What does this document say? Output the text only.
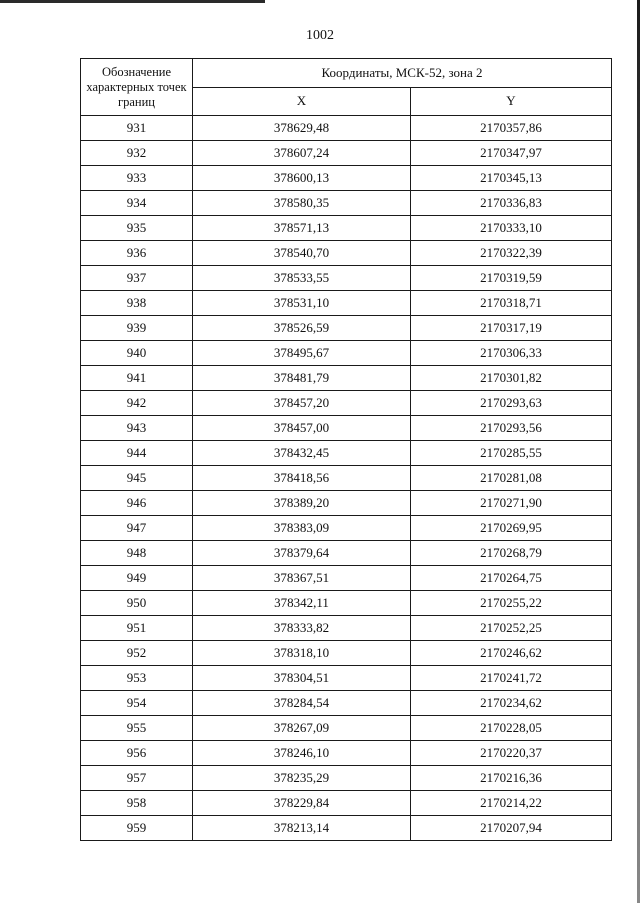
1002
Обозначение характерных точек границ	Координаты, МСК-52, зона 2	
	X	Y
931	378629,48	2170357,86
932	378607,24	2170347,97
933	378600,13	2170345,13
934	378580,35	2170336,83
935	378571,13	2170333,10
936	378540,70	2170322,39
937	378533,55	2170319,59
938	378531,10	2170318,71
939	378526,59	2170317,19
940	378495,67	2170306,33
941	378481,79	2170301,82
942	378457,20	2170293,63
943	378457,00	2170293,56
944	378432,45	2170285,55
945	378418,56	2170281,08
946	378389,20	2170271,90
947	378383,09	2170269,95
948	378379,64	2170268,79
949	378367,51	2170264,75
950	378342,11	2170255,22
951	378333,82	2170252,25
952	378318,10	2170246,62
953	378304,51	2170241,72
954	378284,54	2170234,62
955	378267,09	2170228,05
956	378246,10	2170220,37
957	378235,29	2170216,36
958	378229,84	2170214,22
959	378213,14	2170207,94
